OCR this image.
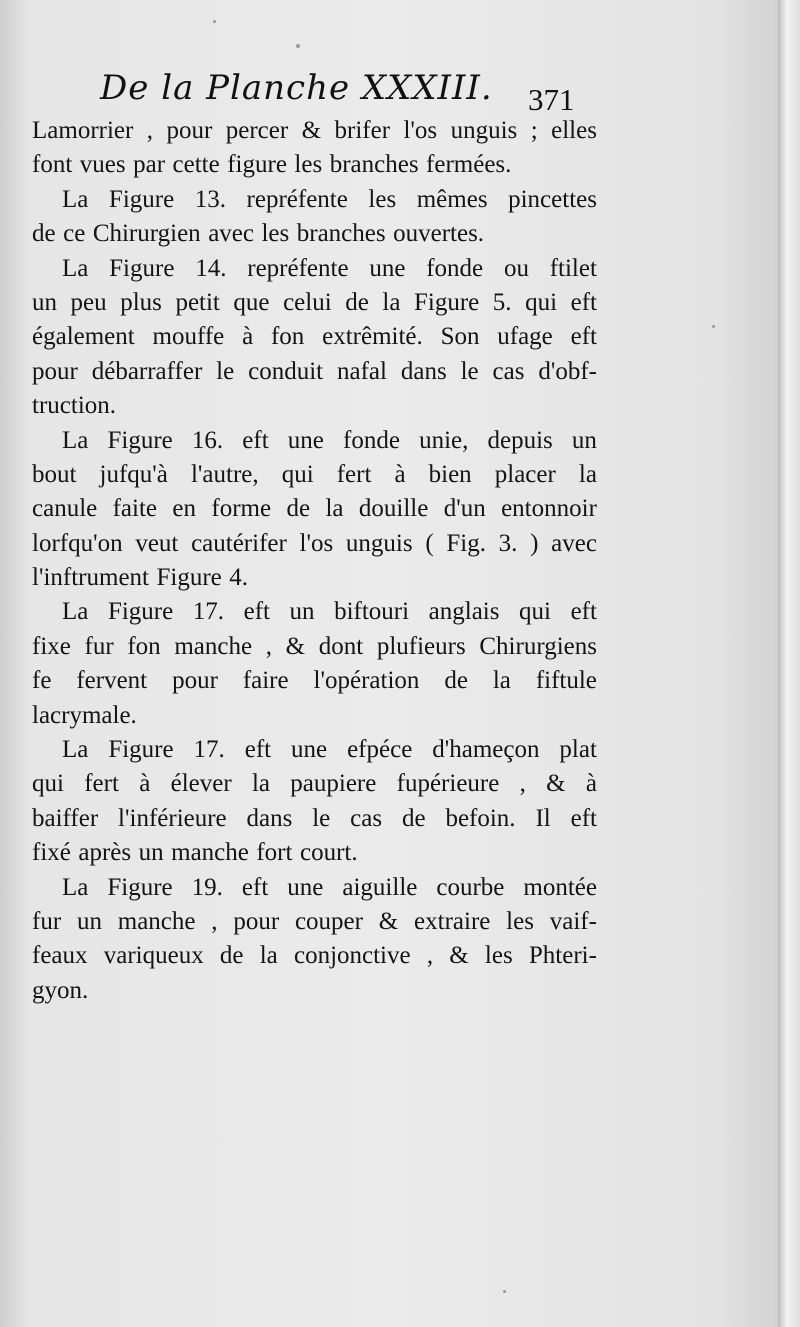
De la Planche XXXIII.	371
Lamorrier , pour percer & brifer l'os unguis ; elles
font vues par cette figure les branches fermées.
La Figure 13. repréfente les mêmes pincettes
de ce Chirurgien avec les branches ouvertes.
La Figure 14. repréfente une fonde ou ftilet
un peu plus petit que celui de la Figure 5. qui eft
également mouffe à fon extrêmité. Son ufage eft
pour débarraffer le conduit nafal dans le cas d'obf-
truction.
La Figure 16. eft une fonde unie, depuis un
bout jufqu'à l'autre, qui fert à bien placer la
canule faite en forme de la douille d'un entonnoir
lorfqu'on veut cautérifer l'os unguis ( Fig. 3. ) avec
l'inftrument Figure 4.
La Figure 17. eft un biftouri anglais qui eft
fixe fur fon manche , & dont plufieurs Chirurgiens
fe fervent pour faire l'opération de la fiftule
lacrymale.
La Figure 17. eft une efpéce d'hameçon plat
qui fert à élever la paupiere fupérieure , & à
baiffer l'inférieure dans le cas de befoin. Il eft
fixé après un manche fort court.
La Figure 19. eft une aiguille courbe montée
fur un manche , pour couper & extraire les vaif-
feaux variqueux de la conjonctive , & les Phteri-
gyon.
